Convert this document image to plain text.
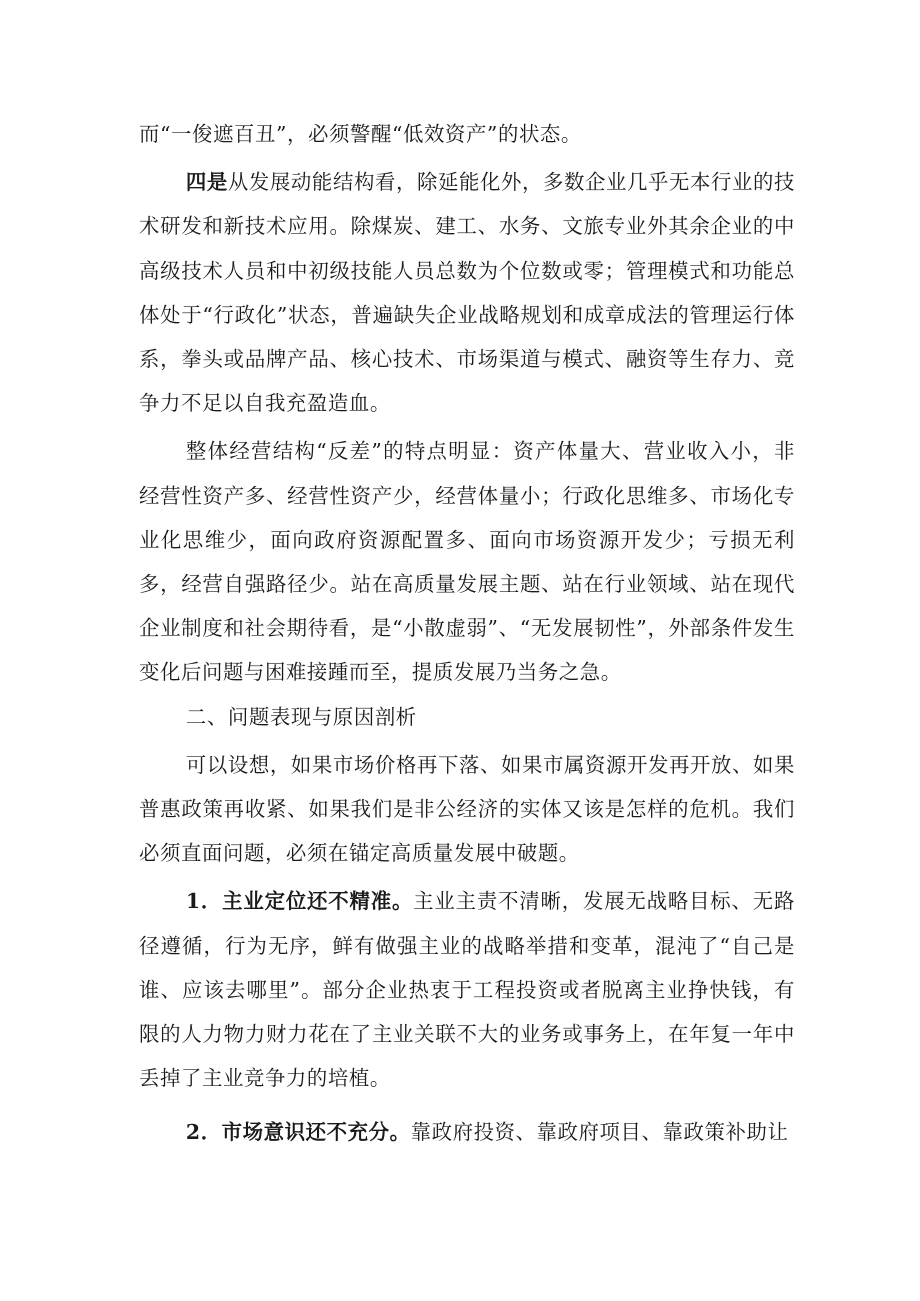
而“一俊遮百丑”，必须警醒“低效资产”的状态。

四是从发展动能结构看，除延能化外，多数企业几乎无本行业的技术研发和新技术应用。除煤炭、建工、水务、文旅专业外其余企业的中高级技术人员和中初级技能人员总数为个位数或零；管理模式和功能总体处于“行政化”状态，普遍缺失企业战略规划和成章成法的管理运行体系，拳头或品牌产品、核心技术、市场渠道与模式、融资等生存力、竞争力不足以自我充盈造血。

整体经营结构“反差”的特点明显：资产体量大、营业收入小，非经营性资产多、经营性资产少，经营体量小；行政化思维多、市场化专业化思维少，面向政府资源配置多、面向市场资源开发少；亏损无利多，经营自强路径少。站在高质量发展主题、站在行业领域、站在现代企业制度和社会期待看，是“小散虚弱”、“无发展韧性”，外部条件发生变化后问题与困难接踵而至，提质发展乃当务之急。

二、问题表现与原因剖析

可以设想，如果市场价格再下落、如果市属资源开发再开放、如果普惠政策再收紧、如果我们是非公经济的实体又该是怎样的危机。我们必须直面问题，必须在锚定高质量发展中破题。

1．主业定位还不精准。主业主责不清晰，发展无战略目标、无路径遵循，行为无序，鲜有做强主业的战略举措和变革，混沌了“自己是谁、应该去哪里”。部分企业热衷于工程投资或者脱离主业挣快钱，有限的人力物力财力花在了主业关联不大的业务或事务上，在年复一年中丢掉了主业竞争力的培植。

2．市场意识还不充分。靠政府投资、靠政府项目、靠政策补助让
